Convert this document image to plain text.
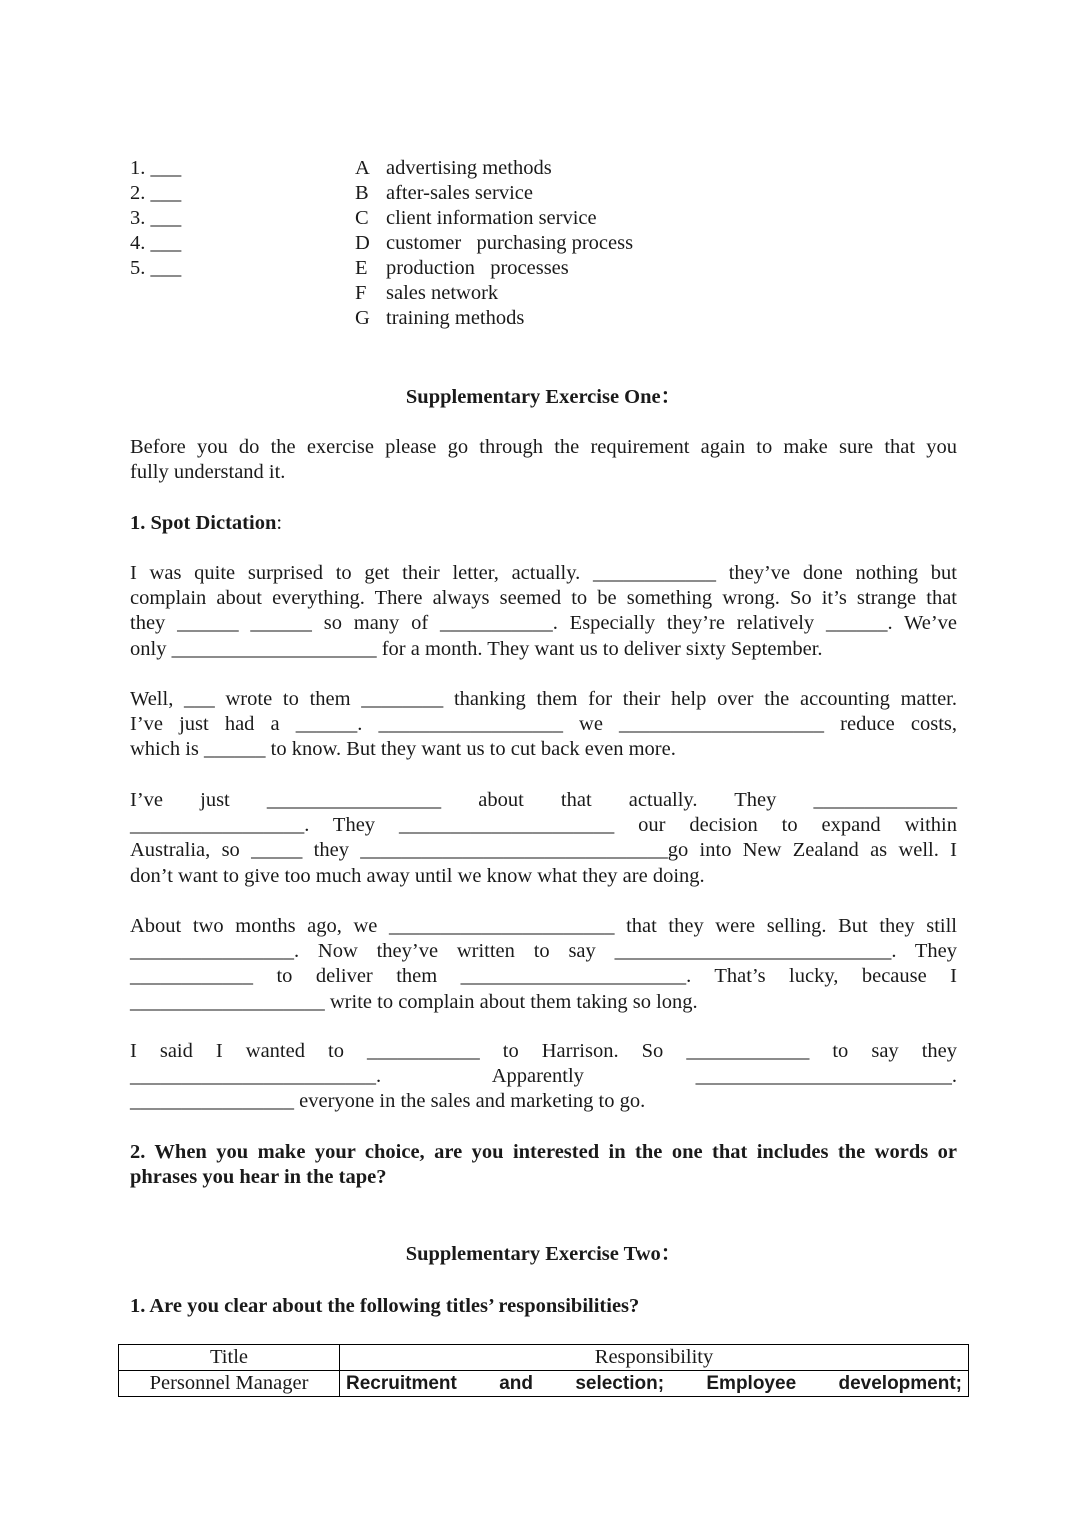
1. ___	A advertising methods
2. ___	B after-sales service
3. ___	C client information service
4. ___	D customer   purchasing process
5. ___	E production   processes
F sales network
G training methods
Supplementary Exercise One：
Before you do the exercise please go through the requirement again to make sure that you
fully understand it.
1. Spot Dictation:
I was quite surprised to get their letter, actually. ____________ they’ve done nothing but
complain about everything. There always seemed to be something wrong. So it’s strange that
they ______ ______ so many of ___________. Especially they’re relatively ______. We’ve
only ____________________ for a month. They want us to deliver sixty September.
Well, ___ wrote to them ________ thanking them for their help over the accounting matter.
I’ve just had a ______. __________________ we ____________________ reduce costs,
which is ______ to know. But they want us to cut back even more.
I’ve just _________________ about that actually. They ______________
_________________. They _____________________ our decision to expand within
Australia, so _____ they ______________________________go into New Zealand as well. I
don’t want to give too much away until we know what they are doing.
About two months ago, we ______________________ that they were selling. But they still
________________. Now they’ve written to say ___________________________. They
____________ to deliver them ______________________. That’s lucky, because I
___________________ write to complain about them taking so long.
I said I wanted to ___________ to Harrison. So ____________ to say they
________________________. Apparently _________________________.
________________ everyone in the sales and marketing to go.
2. When you make your choice, are you interested in the one that includes the words or
phrases you hear in the tape?
Supplementary Exercise Two：
1. Are you clear about the following titles’ responsibilities?
Title	Responsibility
Personnel Manager	Recruitment and selection; Employee development;
